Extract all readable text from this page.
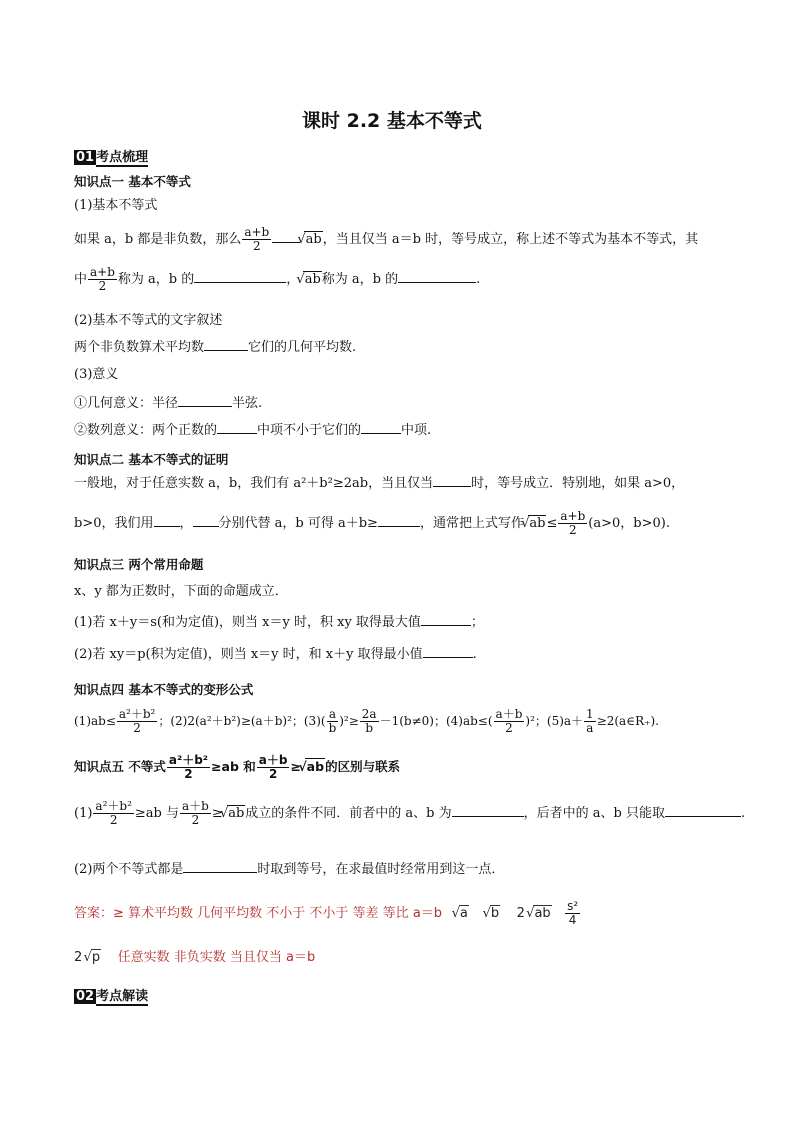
课时 2.2 基本不等式
01 考点梳理
知识点一 基本不等式
(1)基本不等式
如果 a，b 都是非负数，那么 $\frac{a+b}{2}$	√ ab，当且仅当 a＝b 时，等号成立，称上述不等式为基本不等式，其
中 $\frac{a+b}{2}$ 称为 a，b 的	， √ ab称为 a，b 的	.
(2)基本不等式的文字叙述
两个非负数算术平均数	它们的几何平均数.
(3)意义
①几何意义：半径	半弦.
②数列意义：两个正数的	中项不小于它们的	中项.
知识点二 基本不等式的证明
一般地，对于任意实数 a，b，我们有 a²＋b²≥2ab，当且仅当	时，等号成立．特别地，如果 a>0，
b>0，我们用 ， 分别代替 a，b 可得 a＋b≥	，通常把上式写作 √ $ab\le \frac{a+b}{2} (a>0$，b>0).
知识点三 两个常用命题
x、y 都为正数时，下面的命题成立．
(1)若 x＋y＝s(和为定值)，则当 x＝y 时，积 xy 取得最大值	；
(2)若 xy＝p(积为定值)，则当 x＝y 时，和 x＋y 取得最小值	.
知识点四 基本不等式的变形公式
$(1)ab\le \frac{\text{a²＋b²}}{2}$ ；(2)2(a²＋b²)≥(a＋b)²；$(3)( \frac{a}{b} )^2\ge \frac{2a}{b} -1(b\ne 0)$；$(4)ab\le( \frac{a+b}{2} )^2$；$(5)a+ \frac{1}{a}$ ≥2(a∈R₊).
知识点五 不等式 $\frac{\text{a²＋b²}}{2} \ge ab$ 和 $\frac{a+b}{2}$ ≥ √ ab的区别与联系
$(1) \frac{\text{a²＋b²}}{2} \ge ab$ 与 $\frac{a+b}{2}$ ≥ √ ab成立的条件不同．前者中的 a、b 为	，后者中的 a、b 只能取	.
(2)两个不等式都是	时取到等号，在求最值时经常用到这一点．
答案：≥ 算术平均数 几何平均数 不小于 不小于 等差 等比 a＝b √ a √ b 2 √ ab $\frac{\text{s²}}{4}$
2 √ p 任意实数 非负实数 当且仅当 a＝b
02 考点解读
